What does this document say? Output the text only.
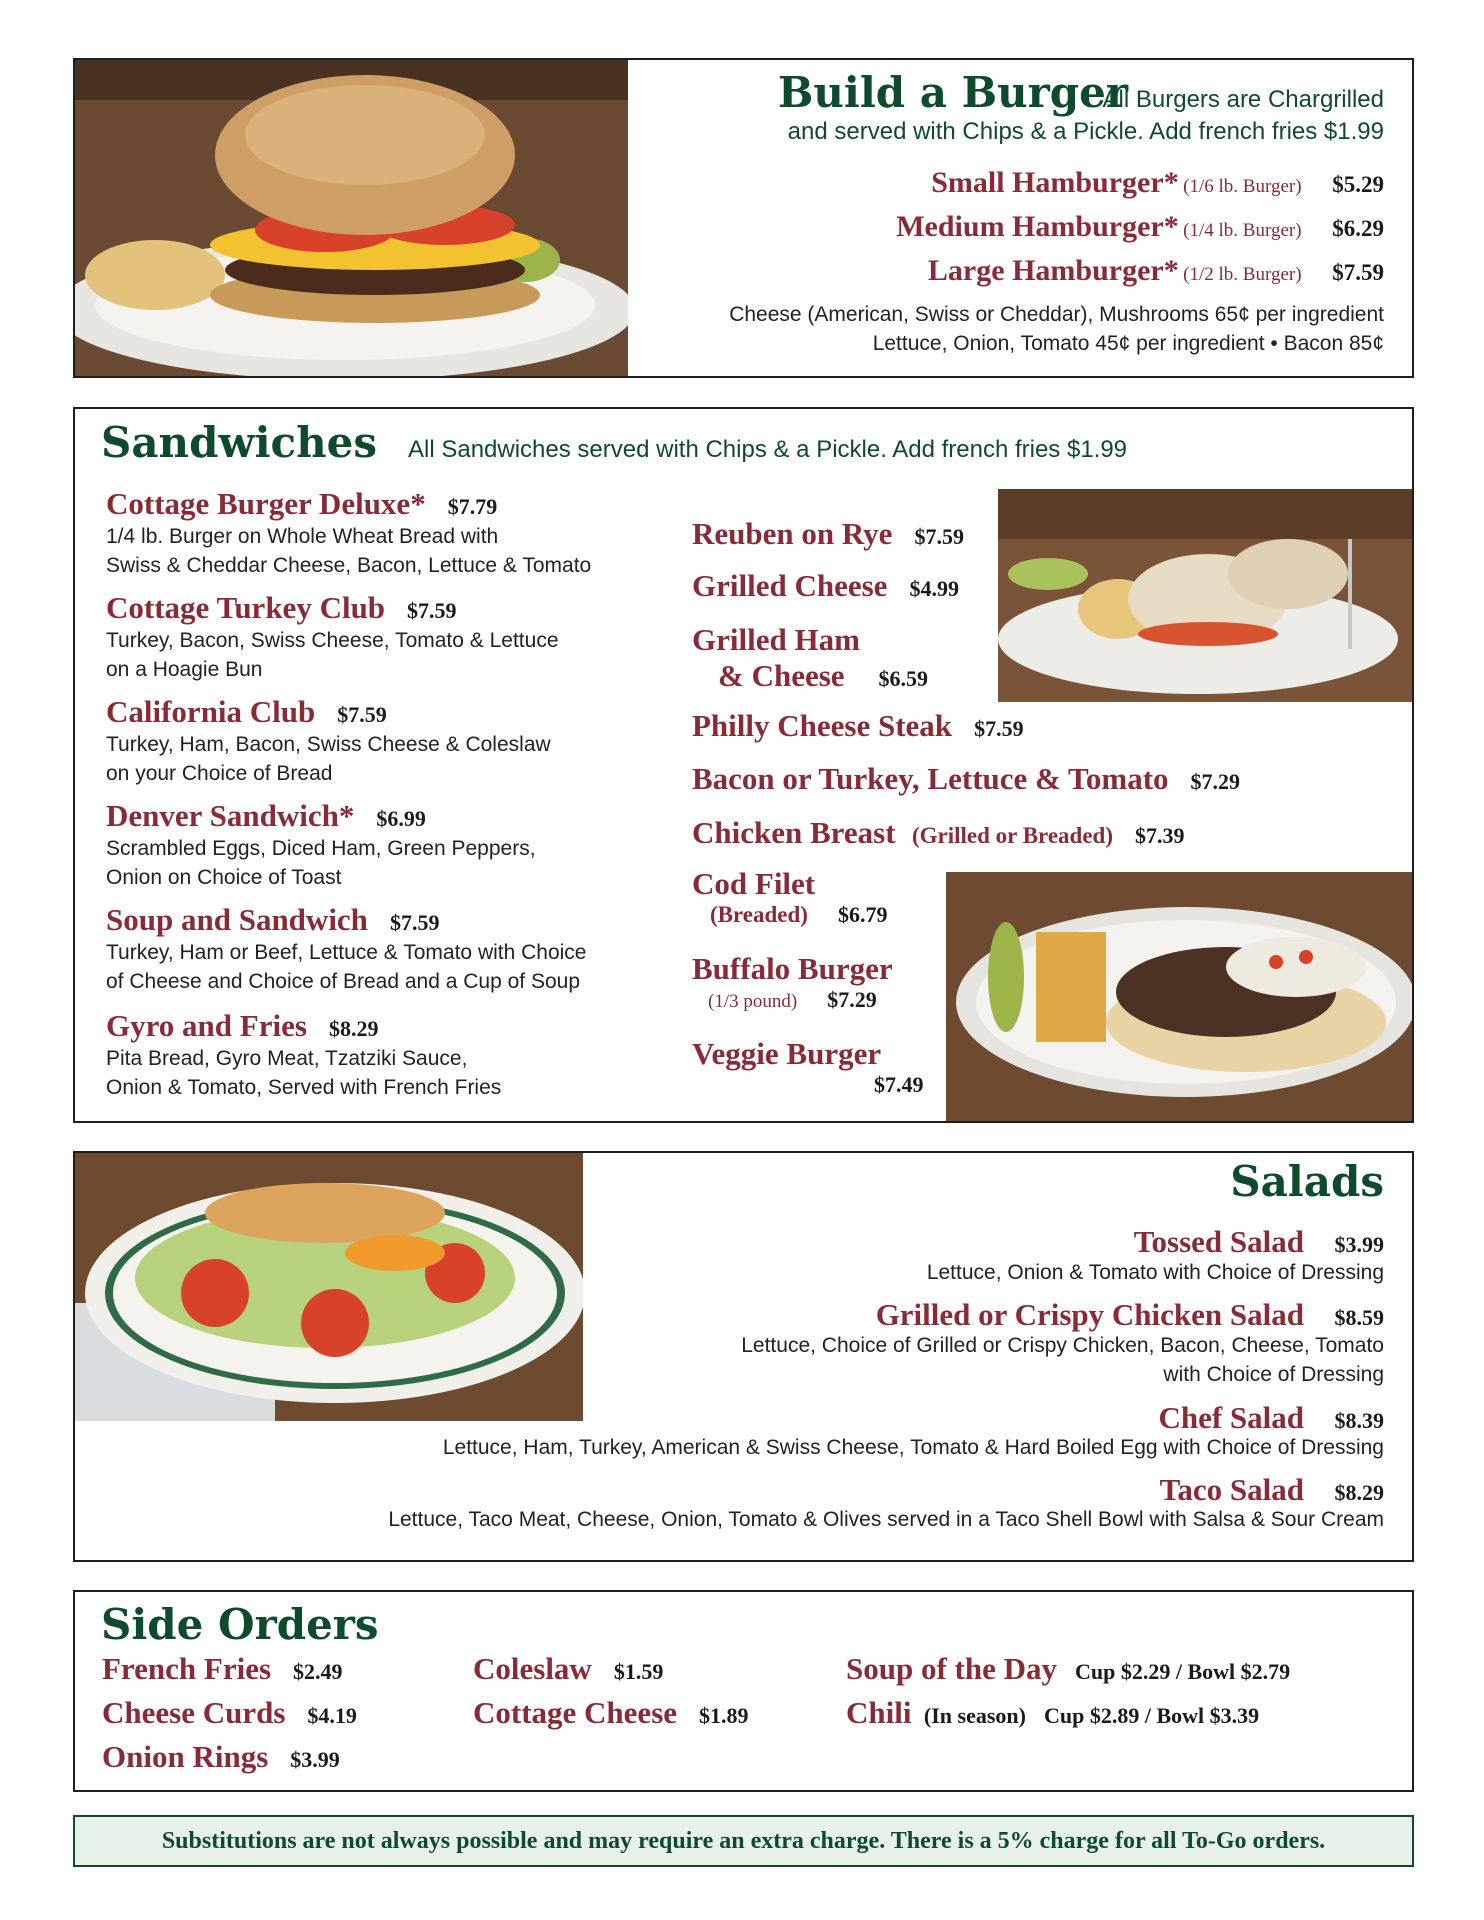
Build a Burger
All Burgers are Chargrilled
and served with Chips & a Pickle. Add french fries $1.99
Small Hamburger* (1/6 lb. Burger) $5.29
Medium Hamburger* (1/4 lb. Burger) $6.29
Large Hamburger* (1/2 lb. Burger) $7.59
Cheese (American, Swiss or Cheddar), Mushrooms 65¢ per ingredient
Lettuce, Onion, Tomato 45¢ per ingredient • Bacon 85¢
Sandwiches All Sandwiches served with Chips & a Pickle. Add french fries $1.99
Cottage Burger Deluxe* $7.79
1/4 lb. Burger on Whole Wheat Bread with
Swiss & Cheddar Cheese, Bacon, Lettuce & Tomato
Cottage Turkey Club $7.59
Turkey, Bacon, Swiss Cheese, Tomato & Lettuce
on a Hoagie Bun
California Club $7.59
Turkey, Ham, Bacon, Swiss Cheese & Coleslaw
on your Choice of Bread
Denver Sandwich* $6.99
Scrambled Eggs, Diced Ham, Green Peppers,
Onion on Choice of Toast
Soup and Sandwich $7.59
Turkey, Ham or Beef, Lettuce & Tomato with Choice
of Cheese and Choice of Bread and a Cup of Soup
Gyro and Fries $8.29
Pita Bread, Gyro Meat, Tzatziki Sauce,
Onion & Tomato, Served with French Fries
Reuben on Rye $7.59
Grilled Cheese $4.99
Grilled Ham
& Cheese $6.59
Philly Cheese Steak $7.59
Bacon or Turkey, Lettuce & Tomato $7.29
Chicken Breast (Grilled or Breaded) $7.39
Cod Filet
(Breaded) $6.79
Buffalo Burger
(1/3 pound) $7.29
Veggie Burger
$7.49
Salads
Tossed Salad $3.99
Lettuce, Onion & Tomato with Choice of Dressing
Grilled or Crispy Chicken Salad $8.59
Lettuce, Choice of Grilled or Crispy Chicken, Bacon, Cheese, Tomato
with Choice of Dressing
Chef Salad $8.39
Lettuce, Ham, Turkey, American & Swiss Cheese, Tomato & Hard Boiled Egg with Choice of Dressing
Taco Salad $8.29
Lettuce, Taco Meat, Cheese, Onion, Tomato & Olives served in a Taco Shell Bowl with Salsa & Sour Cream
Side Orders
French Fries $2.49
Cheese Curds $4.19
Onion Rings $3.99
Coleslaw $1.59
Cottage Cheese $1.89
Soup of the Day Cup $2.29 / Bowl $2.79
Chili (In season) Cup $2.89 / Bowl $3.39
Substitutions are not always possible and may require an extra charge. There is a 5% charge for all To-Go orders.
